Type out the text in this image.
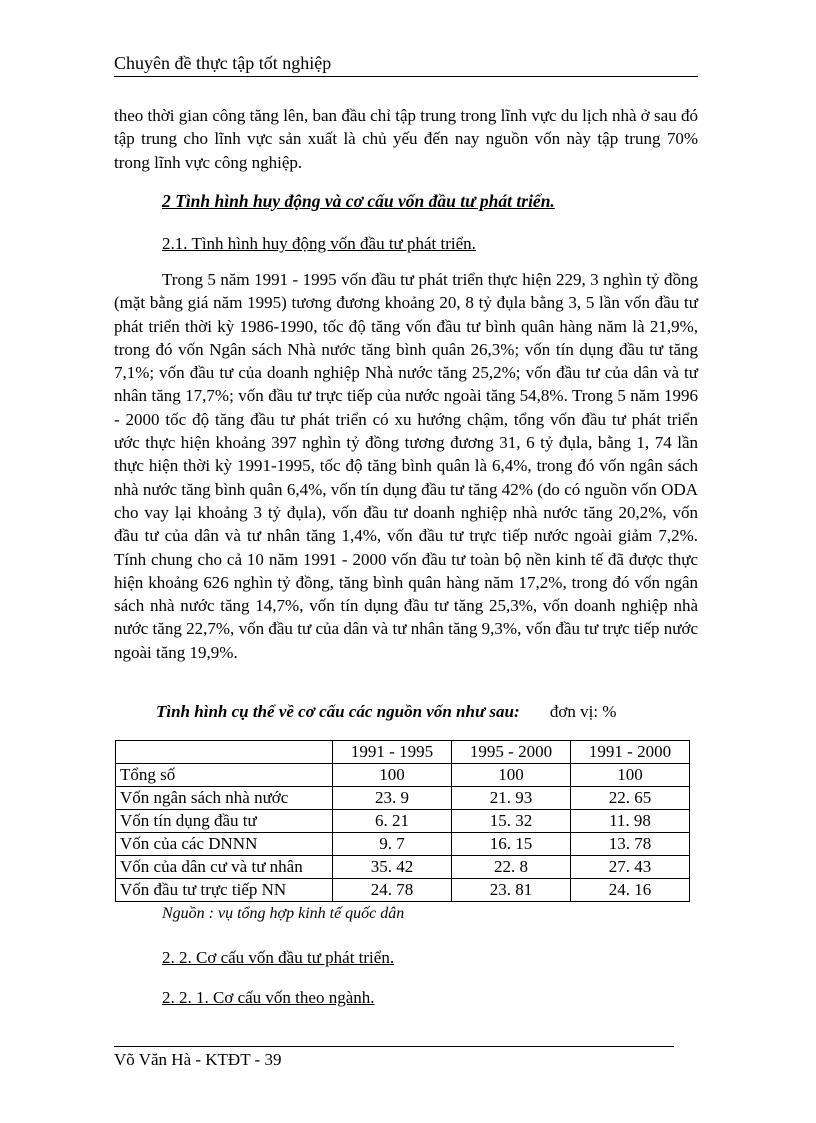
Chuyên đề thực tập tốt nghiệp
theo thời gian công tăng lên, ban đầu chỉ tập trung trong lĩnh vực du lịch nhà ở sau đó tập trung cho lĩnh vực sản xuất là chủ yếu đến nay nguồn vốn này tập trung 70% trong lĩnh vực công nghiệp.
2 Tình hình huy động và cơ cấu vốn đầu tư phát triển.
2.1. Tình hình huy động vốn đầu tư phát triển.
Trong 5 năm 1991 - 1995 vốn đầu tư phát triển thực hiện 229, 3 nghìn tỷ đồng (mặt bằng giá năm 1995) tương đương khoảng 20, 8 tỷ đụla bằng 3, 5 lần vốn đầu tư phát triển thời kỳ 1986-1990, tốc độ tăng vốn đầu tư bình quân hàng năm là 21,9%, trong đó vốn Ngân sách Nhà nước tăng bình quân 26,3%; vốn tín dụng đầu tư tăng 7,1%; vốn đầu tư của doanh nghiệp Nhà nước tăng 25,2%; vốn đầu tư của dân và tư nhân tăng 17,7%; vốn đầu tư trực tiếp của nước ngoài tăng 54,8%. Trong 5 năm 1996 - 2000 tốc độ tăng đầu tư phát triển có xu hướng chậm, tổng vốn đầu tư phát triển ước thực hiện khoảng 397 nghìn tỷ đồng tương đương 31, 6 tỷ đụla, bằng 1, 74 lần thực hiện thời kỳ 1991-1995, tốc độ tăng bình quân là 6,4%, trong đó vốn ngân sách nhà nước tăng bình quân 6,4%, vốn tín dụng đầu tư tăng 42% (do có nguồn vốn ODA cho vay lại khoảng 3 tỷ đụla), vốn đầu tư doanh nghiệp nhà nước tăng 20,2%, vốn đầu tư của dân và tư nhân tăng 1,4%, vốn đầu tư trực tiếp nước ngoài giảm 7,2%. Tính chung cho cả 10 năm 1991 - 2000 vốn đầu tư toàn bộ nền kinh tế đã được thực hiện khoảng 626 nghìn tỷ đồng, tăng bình quân hàng năm 17,2%, trong đó vốn ngân sách nhà nước tăng 14,7%, vốn tín dụng đầu tư tăng 25,3%, vốn doanh nghiệp nhà nước tăng 22,7%, vốn đầu tư của dân và tư nhân tăng 9,3%, vốn đầu tư trực tiếp nước ngoài tăng 19,9%.
Tình hình cụ thể về cơ cấu các nguồn vốn như sau: đơn vị: %
	1991 - 1995	1995 - 2000	1991 - 2000
Tổng số	100	100	100
Vốn ngân sách nhà nước	23. 9	21. 93	22. 65
Vốn tín dụng đầu tư	6. 21	15. 32	11. 98
Vốn của các DNNN	9. 7	16. 15	13. 78
Vốn của dân cư và tư nhân	35. 42	22. 8	27. 43
Vốn đầu tư trực tiếp NN	24. 78	23. 81	24. 16
Nguồn : vụ tổng hợp kinh tế quốc dân
2. 2. Cơ cấu vốn đầu tư phát triển.
2. 2. 1. Cơ cấu vốn theo ngành.
Võ Văn Hà - KTĐT - 39
